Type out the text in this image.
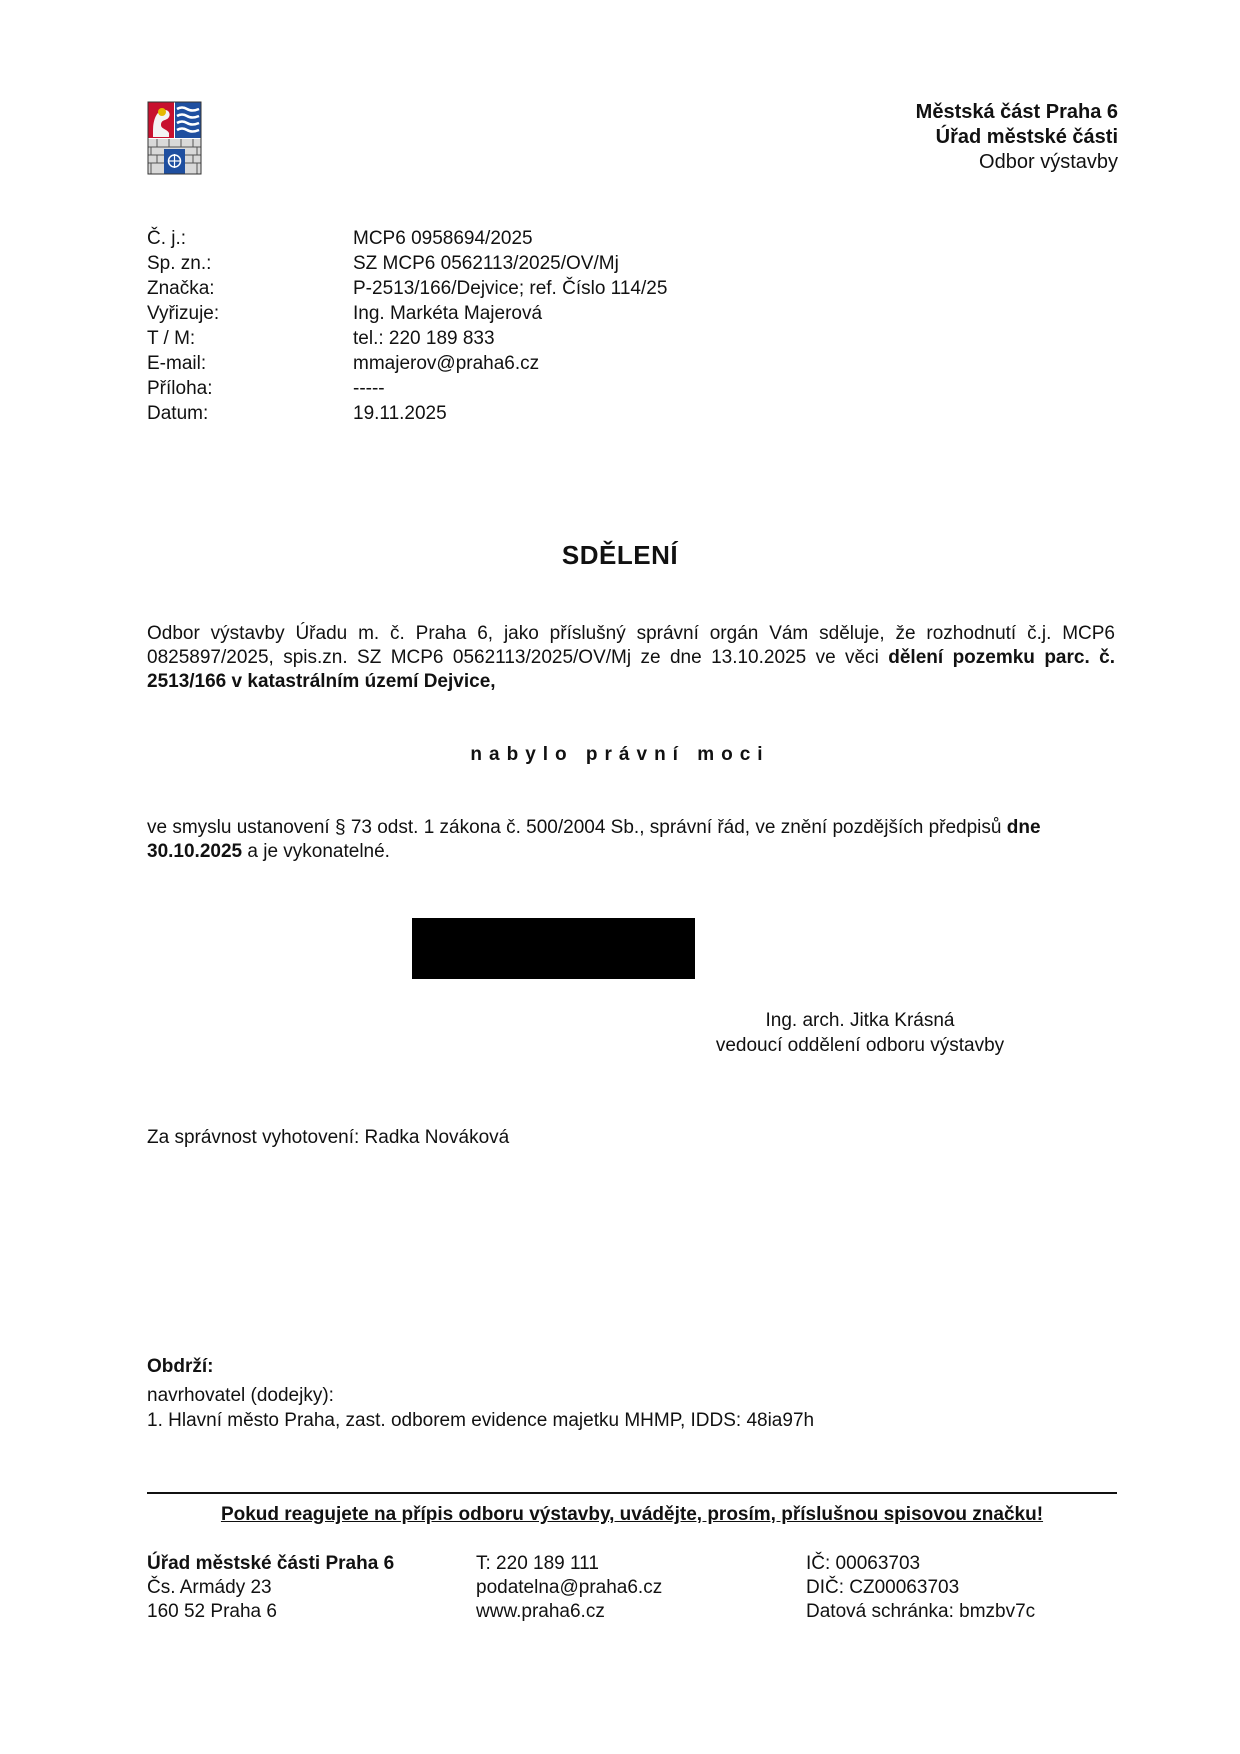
Městská část Praha 6
Úřad městské části
Odbor výstavby
Č. j.:	MCP6 0958694/2025
Sp. zn.:	SZ MCP6 0562113/2025/OV/Mj
Značka:	P-2513/166/Dejvice; ref. Číslo 114/25
Vyřizuje:	Ing. Markéta Majerová
T / M:	tel.: 220 189 833
E-mail:	mmajerov@praha6.cz
Příloha:	-----
Datum:	19.11.2025
SDĚLENÍ
Odbor výstavby Úřadu m. č. Praha 6, jako příslušný správní orgán Vám sděluje, že rozhodnutí č.j. MCP6 0825897/2025, spis.zn. SZ MCP6 0562113/2025/OV/Mj ze dne 13.10.2025 ve věci dělení pozemku parc. č. 2513/166 v katastrálním území Dejvice,
nabylo právní moci
ve smyslu ustanovení § 73 odst. 1 zákona č. 500/2004 Sb., správní řád, ve znění pozdějších předpisů dne 30.10.2025 a je vykonatelné.
Ing. arch. Jitka Krásná
vedoucí oddělení odboru výstavby
Za správnost vyhotovení: Radka Nováková
Obdrží:
navrhovatel (dodejky):
1. Hlavní město Praha, zast. odborem evidence majetku MHMP, IDDS: 48ia97h
Pokud reagujete na přípis odboru výstavby, uvádějte, prosím, příslušnou spisovou značku!
Úřad městské části Praha 6
Čs. Armády 23
160 52 Praha 6
T: 220 189 111
podatelna@praha6.cz
www.praha6.cz
IČ: 00063703
DIČ: CZ00063703
Datová schránka: bmzbv7c
